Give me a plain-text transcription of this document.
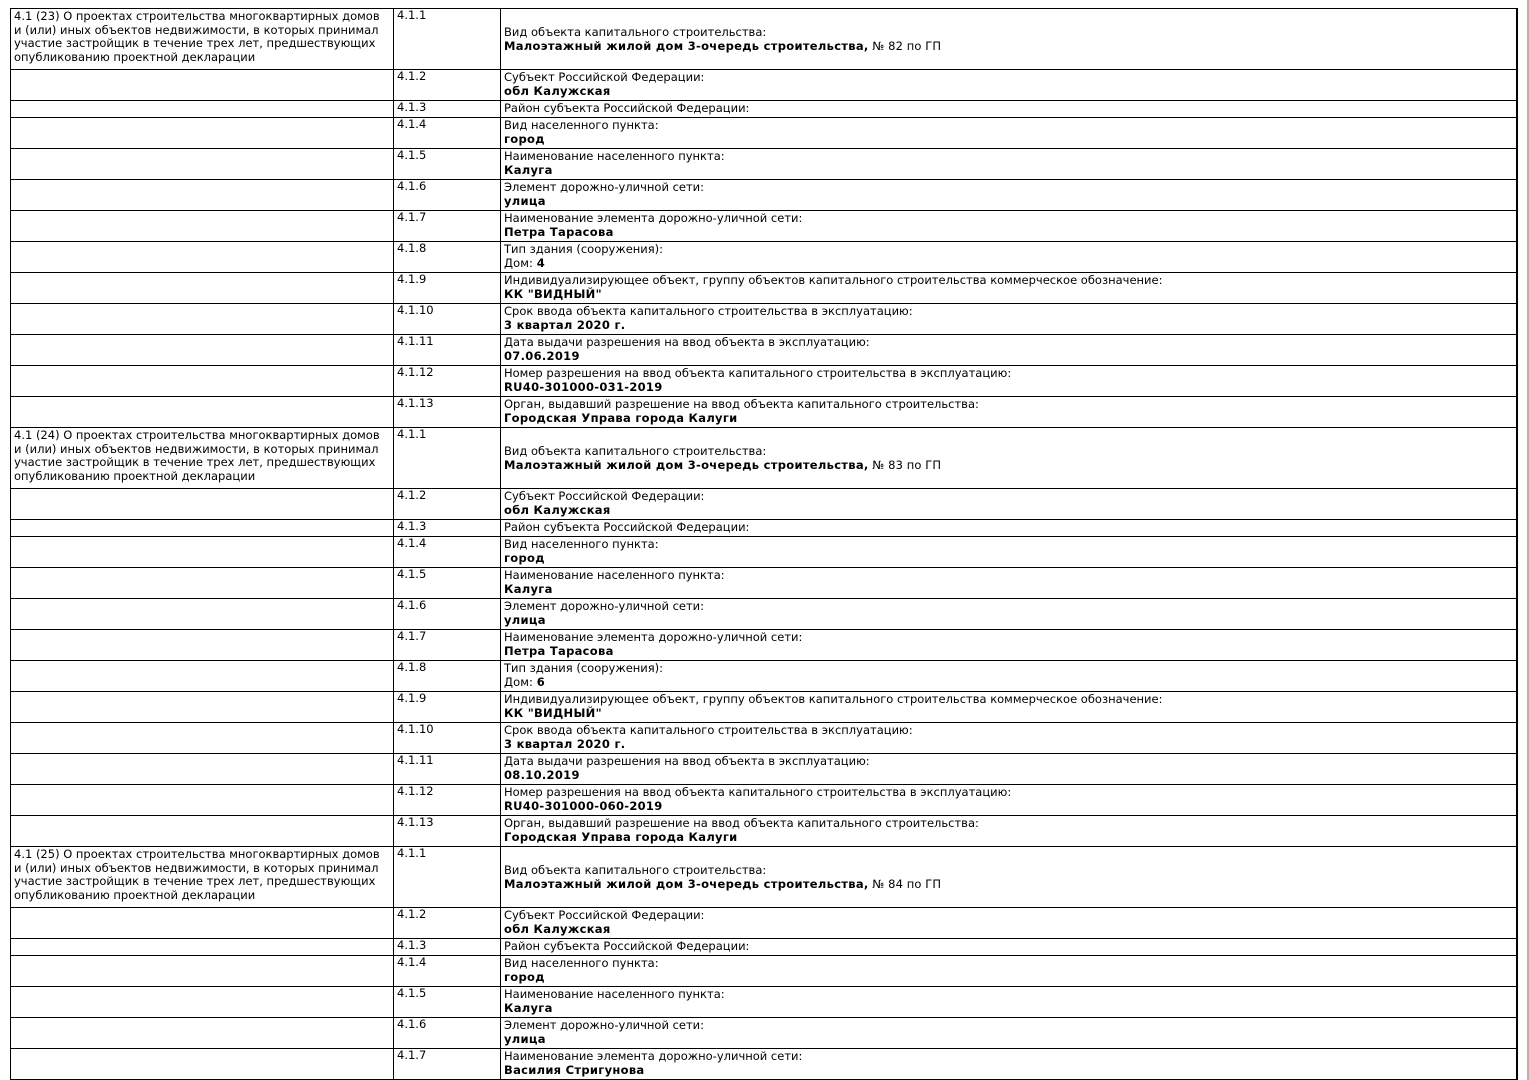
4.1 (23) О проектах строительства многоквартирных домов и (или) иных объектов недвижимости, в которых принимал участие застройщик в течение трех лет, предшествующих опубликованию проектной декларации	4.1.1	Вид объекта капитального строительства:
Малоэтажный жилой дом 3-очередь строительства, № 82 по ГП

	4.1.2	Субъект Российской Федерации:
обл Калужская

	4.1.3	Район субъекта Российской Федерации:

	4.1.4	Вид населенного пункта:
город

	4.1.5	Наименование населенного пункта:
Калуга

	4.1.6	Элемент дорожно-уличной сети:
улица

	4.1.7	Наименование элемента дорожно-уличной сети:
Петра Тарасова

	4.1.8	Тип здания (сооружения):
Дом: 4

	4.1.9	Индивидуализирующее объект, группу объектов капитального строительства коммерческое обозначение:
КК "ВИДНЫЙ"

	4.1.10	Срок ввода объекта капитального строительства в эксплуатацию:
3 квартал 2020 г.

	4.1.11	Дата выдачи разрешения на ввод объекта в эксплуатацию:
07.06.2019

	4.1.12	Номер разрешения на ввод объекта капитального строительства в эксплуатацию:
RU40-301000-031-2019

	4.1.13	Орган, выдавший разрешение на ввод объекта капитального строительства:
Городская Управа города Калуги

4.1 (24) О проектах строительства многоквартирных домов и (или) иных объектов недвижимости, в которых принимал участие застройщик в течение трех лет, предшествующих опубликованию проектной декларации	4.1.1	Вид объекта капитального строительства:
Малоэтажный жилой дом 3-очередь строительства, № 83 по ГП

	4.1.2	Субъект Российской Федерации:
обл Калужская

	4.1.3	Район субъекта Российской Федерации:

	4.1.4	Вид населенного пункта:
город

	4.1.5	Наименование населенного пункта:
Калуга

	4.1.6	Элемент дорожно-уличной сети:
улица

	4.1.7	Наименование элемента дорожно-уличной сети:
Петра Тарасова

	4.1.8	Тип здания (сооружения):
Дом: 6

	4.1.9	Индивидуализирующее объект, группу объектов капитального строительства коммерческое обозначение:
КК "ВИДНЫЙ"

	4.1.10	Срок ввода объекта капитального строительства в эксплуатацию:
3 квартал 2020 г.

	4.1.11	Дата выдачи разрешения на ввод объекта в эксплуатацию:
08.10.2019

	4.1.12	Номер разрешения на ввод объекта капитального строительства в эксплуатацию:
RU40-301000-060-2019

	4.1.13	Орган, выдавший разрешение на ввод объекта капитального строительства:
Городская Управа города Калуги

4.1 (25) О проектах строительства многоквартирных домов и (или) иных объектов недвижимости, в которых принимал участие застройщик в течение трех лет, предшествующих опубликованию проектной декларации	4.1.1	Вид объекта капитального строительства:
Малоэтажный жилой дом 3-очередь строительства, № 84 по ГП

	4.1.2	Субъект Российской Федерации:
обл Калужская

	4.1.3	Район субъекта Российской Федерации:

	4.1.4	Вид населенного пункта:
город

	4.1.5	Наименование населенного пункта:
Калуга

	4.1.6	Элемент дорожно-уличной сети:
улица

	4.1.7	Наименование элемента дорожно-уличной сети:
Василия Стригунова
